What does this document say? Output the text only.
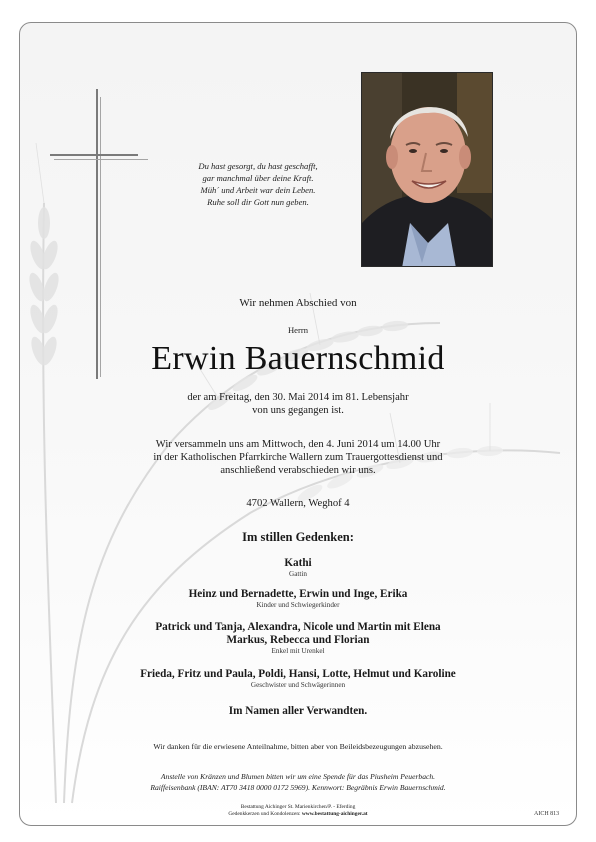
Du hast gesorgt, du hast geschafft,
gar manchmal über deine Kraft.
Müh´ und Arbeit war dein Leben.
Ruhe soll dir Gott nun geben.
Wir nehmen Abschied von
Herrn
Erwin Bauernschmid
der am Freitag, den 30. Mai 2014 im 81. Lebensjahr
von uns gegangen ist.
Wir versammeln uns am Mittwoch, den 4. Juni 2014 um 14.00 Uhr
in der Katholischen Pfarrkirche Wallern zum Trauergottesdienst und
anschließend verabschieden wir uns.
4702 Wallern, Weghof 4
Im stillen Gedenken:
Kathi
Gattin
Heinz und Bernadette, Erwin und Inge, Erika
Kinder und Schwiegerkinder
Patrick und Tanja, Alexandra, Nicole und Martin mit Elena
Markus, Rebecca und Florian
Enkel mit Urenkel
Frieda, Fritz und Paula, Poldi, Hansi, Lotte, Helmut und Karoline
Geschwister und Schwägerinnen
Im Namen aller Verwandten.
Wir danken für die erwiesene Anteilnahme, bitten aber von Beileidsbezeugungen abzusehen.
Anstelle von Kränzen und Blumen bitten wir um eine Spende für das Piusheim Peuerbach.
Raiffeisenbank (IBAN: AT70 3418 0000 0172 5969). Kennwort: Begräbnis Erwin Bauernschmid.
Bestattung Aichinger St. Marienkirchen/P. - Eferding
Gedenkkerzen und Kondolenzen: www.bestattung-aichinger.at	AICH 813
